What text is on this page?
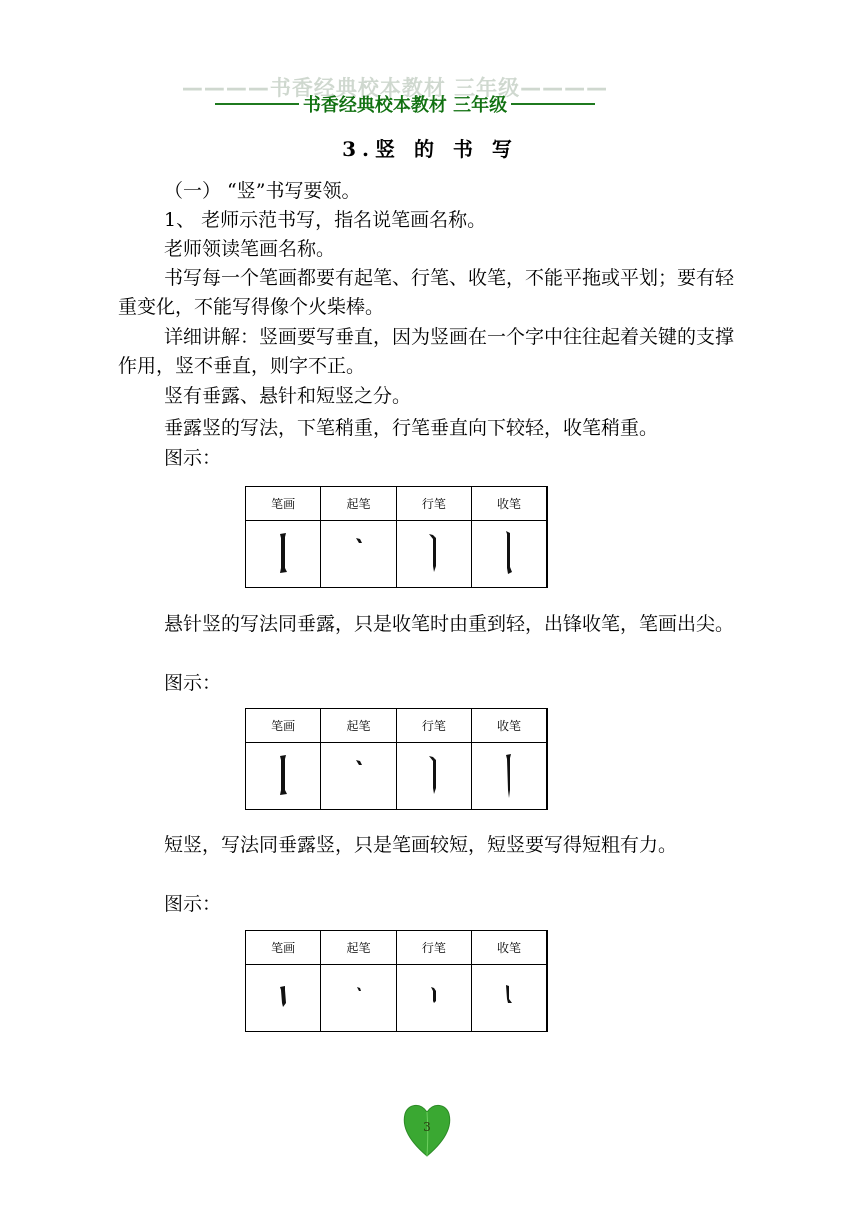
————书香经典校本教材 三年级————
书香经典校本教材 三年级
3.竖 的 书 写
（一） “竖”书写要领。
1、 老师示范书写，指名说笔画名称。
老师领读笔画名称。
书写每一个笔画都要有起笔、行笔、收笔，不能平拖或平划；要有轻重变化，不能写得像个火柴棒。
详细讲解：竖画要写垂直，因为竖画在一个字中往往起着关键的支撑作用，竖不垂直，则字不正。
竖有垂露、悬针和短竖之分。
垂露竖的写法，下笔稍重，行笔垂直向下较轻，收笔稍重。
图示：
笔画	起笔	行笔	收笔

悬针竖的写法同垂露，只是收笔时由重到轻，出锋收笔，笔画出尖。
图示：
笔画	起笔	行笔	收笔

短竖，写法同垂露竖，只是笔画较短，短竖要写得短粗有力。
图示：
笔画	起笔	行笔	收笔

3
